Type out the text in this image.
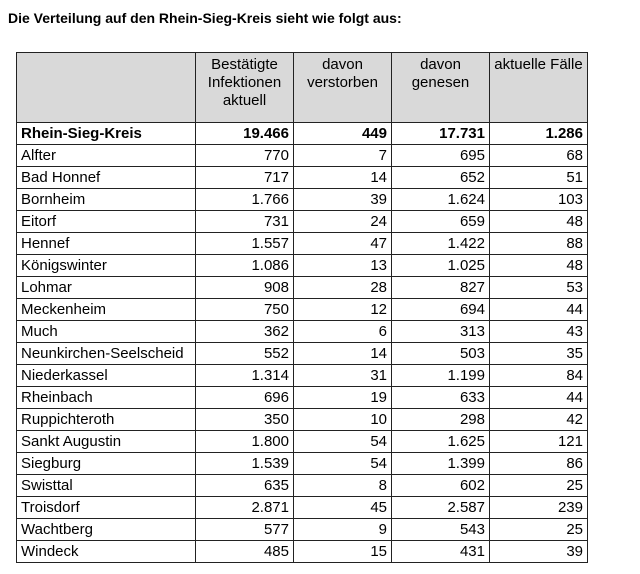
Die Verteilung auf den Rhein-Sieg-Kreis sieht wie folgt aus:
	Bestätigte Infektionen aktuell	davon verstorben	davon genesen	aktuelle Fälle
Rhein-Sieg-Kreis	19.466	449	17.731	1.286
Alfter	770	7	695	68
Bad Honnef	717	14	652	51
Bornheim	1.766	39	1.624	103
Eitorf	731	24	659	48
Hennef	1.557	47	1.422	88
Königswinter	1.086	13	1.025	48
Lohmar	908	28	827	53
Meckenheim	750	12	694	44
Much	362	6	313	43
Neunkirchen-Seelscheid	552	14	503	35
Niederkassel	1.314	31	1.199	84
Rheinbach	696	19	633	44
Ruppichteroth	350	10	298	42
Sankt Augustin	1.800	54	1.625	121
Siegburg	1.539	54	1.399	86
Swisttal	635	8	602	25
Troisdorf	2.871	45	2.587	239
Wachtberg	577	9	543	25
Windeck	485	15	431	39
